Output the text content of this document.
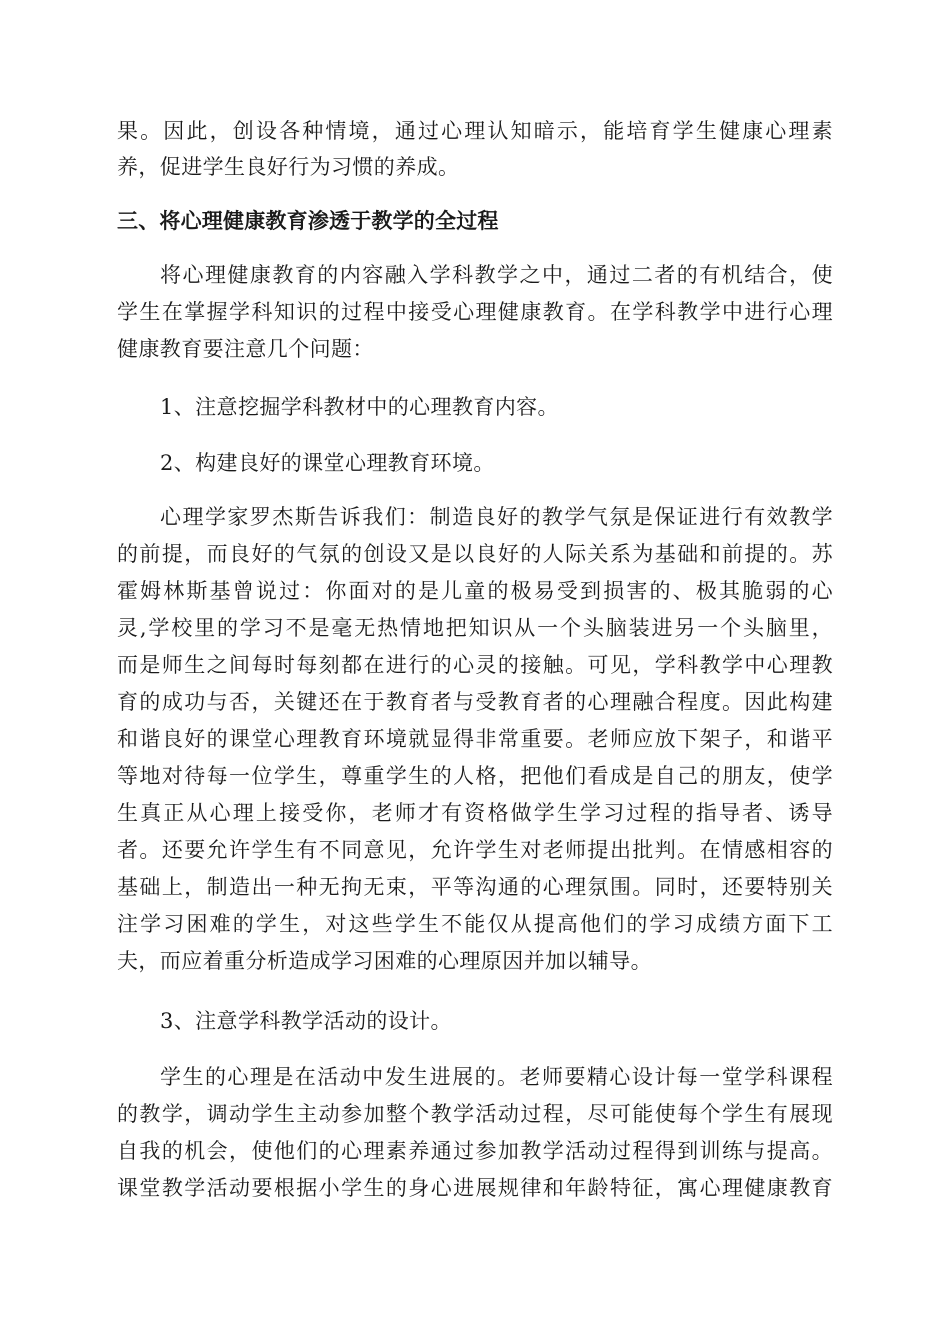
果。因此，创设各种情境，通过心理认知暗示，能培育学生健康心理素
养，促进学生良好行为习惯的养成。
三、将心理健康教育渗透于教学的全过程
将心理健康教育的内容融入学科教学之中，通过二者的有机结合，使
学生在掌握学科知识的过程中接受心理健康教育。在学科教学中进行心理
健康教育要注意几个问题：
1、注意挖掘学科教材中的心理教育内容。
2、构建良好的课堂心理教育环境。
心理学家罗杰斯告诉我们：制造良好的教学气氛是保证进行有效教学
的前提，而良好的气氛的创设又是以良好的人际关系为基础和前提的。苏
霍姆林斯基曾说过：你面对的是儿童的极易受到损害的、极其脆弱的心
灵,学校里的学习不是毫无热情地把知识从一个头脑装进另一个头脑里，
而是师生之间每时每刻都在进行的心灵的接触。可见，学科教学中心理教
育的成功与否，关键还在于教育者与受教育者的心理融合程度。因此构建
和谐良好的课堂心理教育环境就显得非常重要。老师应放下架子，和谐平
等地对待每一位学生，尊重学生的人格，把他们看成是自己的朋友，使学
生真正从心理上接受你，老师才有资格做学生学习过程的指导者、诱导
者。还要允许学生有不同意见，允许学生对老师提出批判。在情感相容的
基础上，制造出一种无拘无束，平等沟通的心理氛围。同时，还要特别关
注学习困难的学生，对这些学生不能仅从提高他们的学习成绩方面下工
夫，而应着重分析造成学习困难的心理原因并加以辅导。
3、注意学科教学活动的设计。
学生的心理是在活动中发生进展的。老师要精心设计每一堂学科课程
的教学，调动学生主动参加整个教学活动过程，尽可能使每个学生有展现
自我的机会，使他们的心理素养通过参加教学活动过程得到训练与提高。
课堂教学活动要根据小学生的身心进展规律和年龄特征，寓心理健康教育
